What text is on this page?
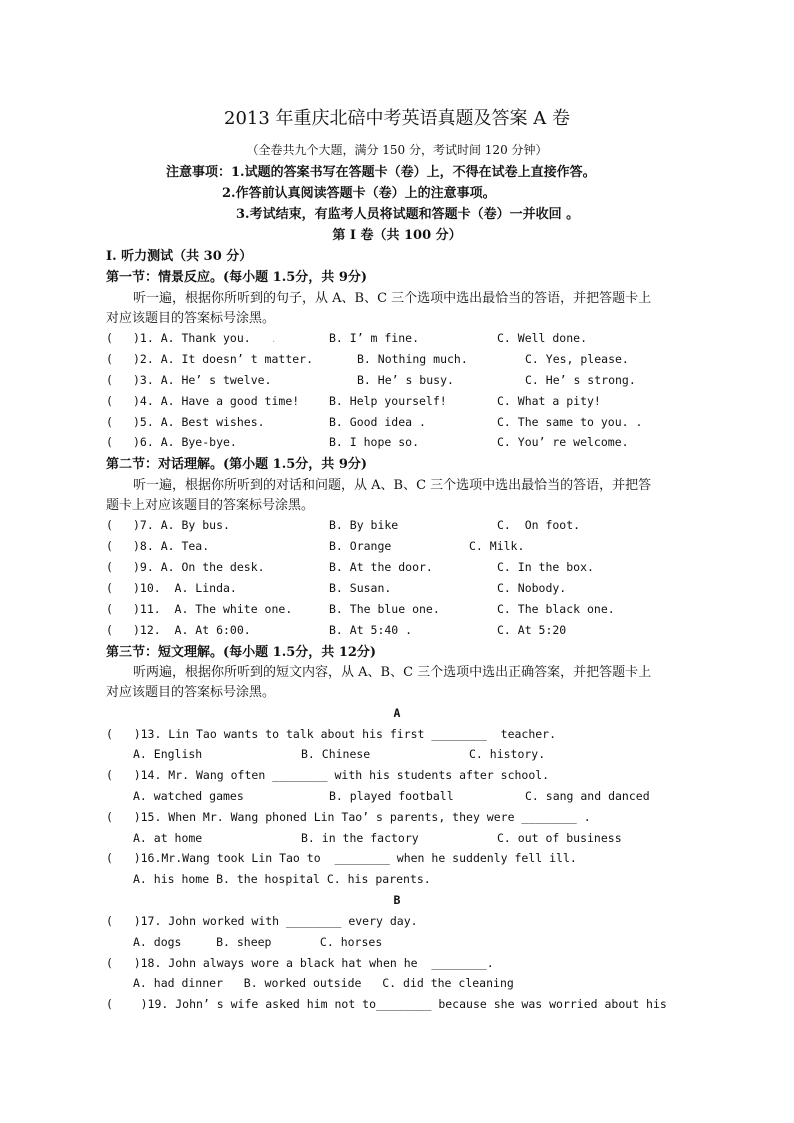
2013 年重庆北碚中考英语真题及答案 A 卷
（全卷共九个大题，满分 150 分，考试时间 120 分钟）
注意事项：1.试题的答案书写在答题卡（卷）上，不得在试卷上直接作答。
2.作答前认真阅读答题卡（卷）上的注意事项。
3.考试结束，有监考人员将试题和答题卡（卷）一并收回 。
第 I 卷（共 100 分）
I. 听力测试（共 30 分）
第一节：情景反应。(每小题 1.5分，共 9分)
听一遍，根据你所听到的句子，从 A、B、C 三个选项中选出最恰当的答语，并把答题卡上
对应该题目的答案标号涂黑。
( )1. A. Thank you. .	B. I’ m fine.	C. Well done.
( )2. A. It doesn’ t matter.	B. Nothing much.	C. Yes, please.
( )3. A. He’ s twelve.	B. He’ s busy.	C. He’ s strong.
( )4. A. Have a good time!	B. Help yourself!	C. What a pity!
( )5. A. Best wishes.	B. Good idea .	C. The same to you. .
( )6. A. Bye-bye.	B. I hope so.	C. You’ re welcome.
第二节：对话理解。(第小题 1.5分，共 9分)
听一遍，根据你所听到的对话和问题，从 A、B、C 三个选项中选出最恰当的答语，并把答
题卡上对应该题目的答案标号涂黑。
( )7. A. By bus.	B. By bike	C.  On foot.
( )8. A. Tea.	B. Orange	C. Milk.
( )9. A. On the desk.	B. At the door.	C. In the box.
( )10.  A. Linda.	B. Susan.	C. Nobody.
( )11.  A. The white one.	B. The blue one.	C. The black one.
( )12.  A. At 6:00.	B. At 5:40 .	C. At 5:20
第三节：短文理解。(每小题 1.5分，共 12分)
听两遍，根据你所听到的短文内容，从 A、B、C 三个选项中选出正确答案，并把答题卡上
对应该题目的答案标号涂黑。
A
(   )13. Lin Tao wants to talk about his first ________  teacher.
A. English	B. Chinese	C. history.
(   )14. Mr. Wang often ________ with his students after school.
A. watched games	B. played football	C. sang and danced
(   )15. When Mr. Wang phoned Lin Tao’ s parents, they were ________ .
A. at home	B. in the factory	C. out of business
(   )16.Mr.Wang took Lin Tao to  ________ when he suddenly fell ill.
A. his home B. the hospital C. his parents.
B
(   )17. John worked with ________ every day.
A. dogs     B. sheep       C. horses
(   )18. John always wore a black hat when he  ________.
A. had dinner   B. worked outside   C. did the cleaning
(    )19. John’ s wife asked him not to________ because she was worried about his
